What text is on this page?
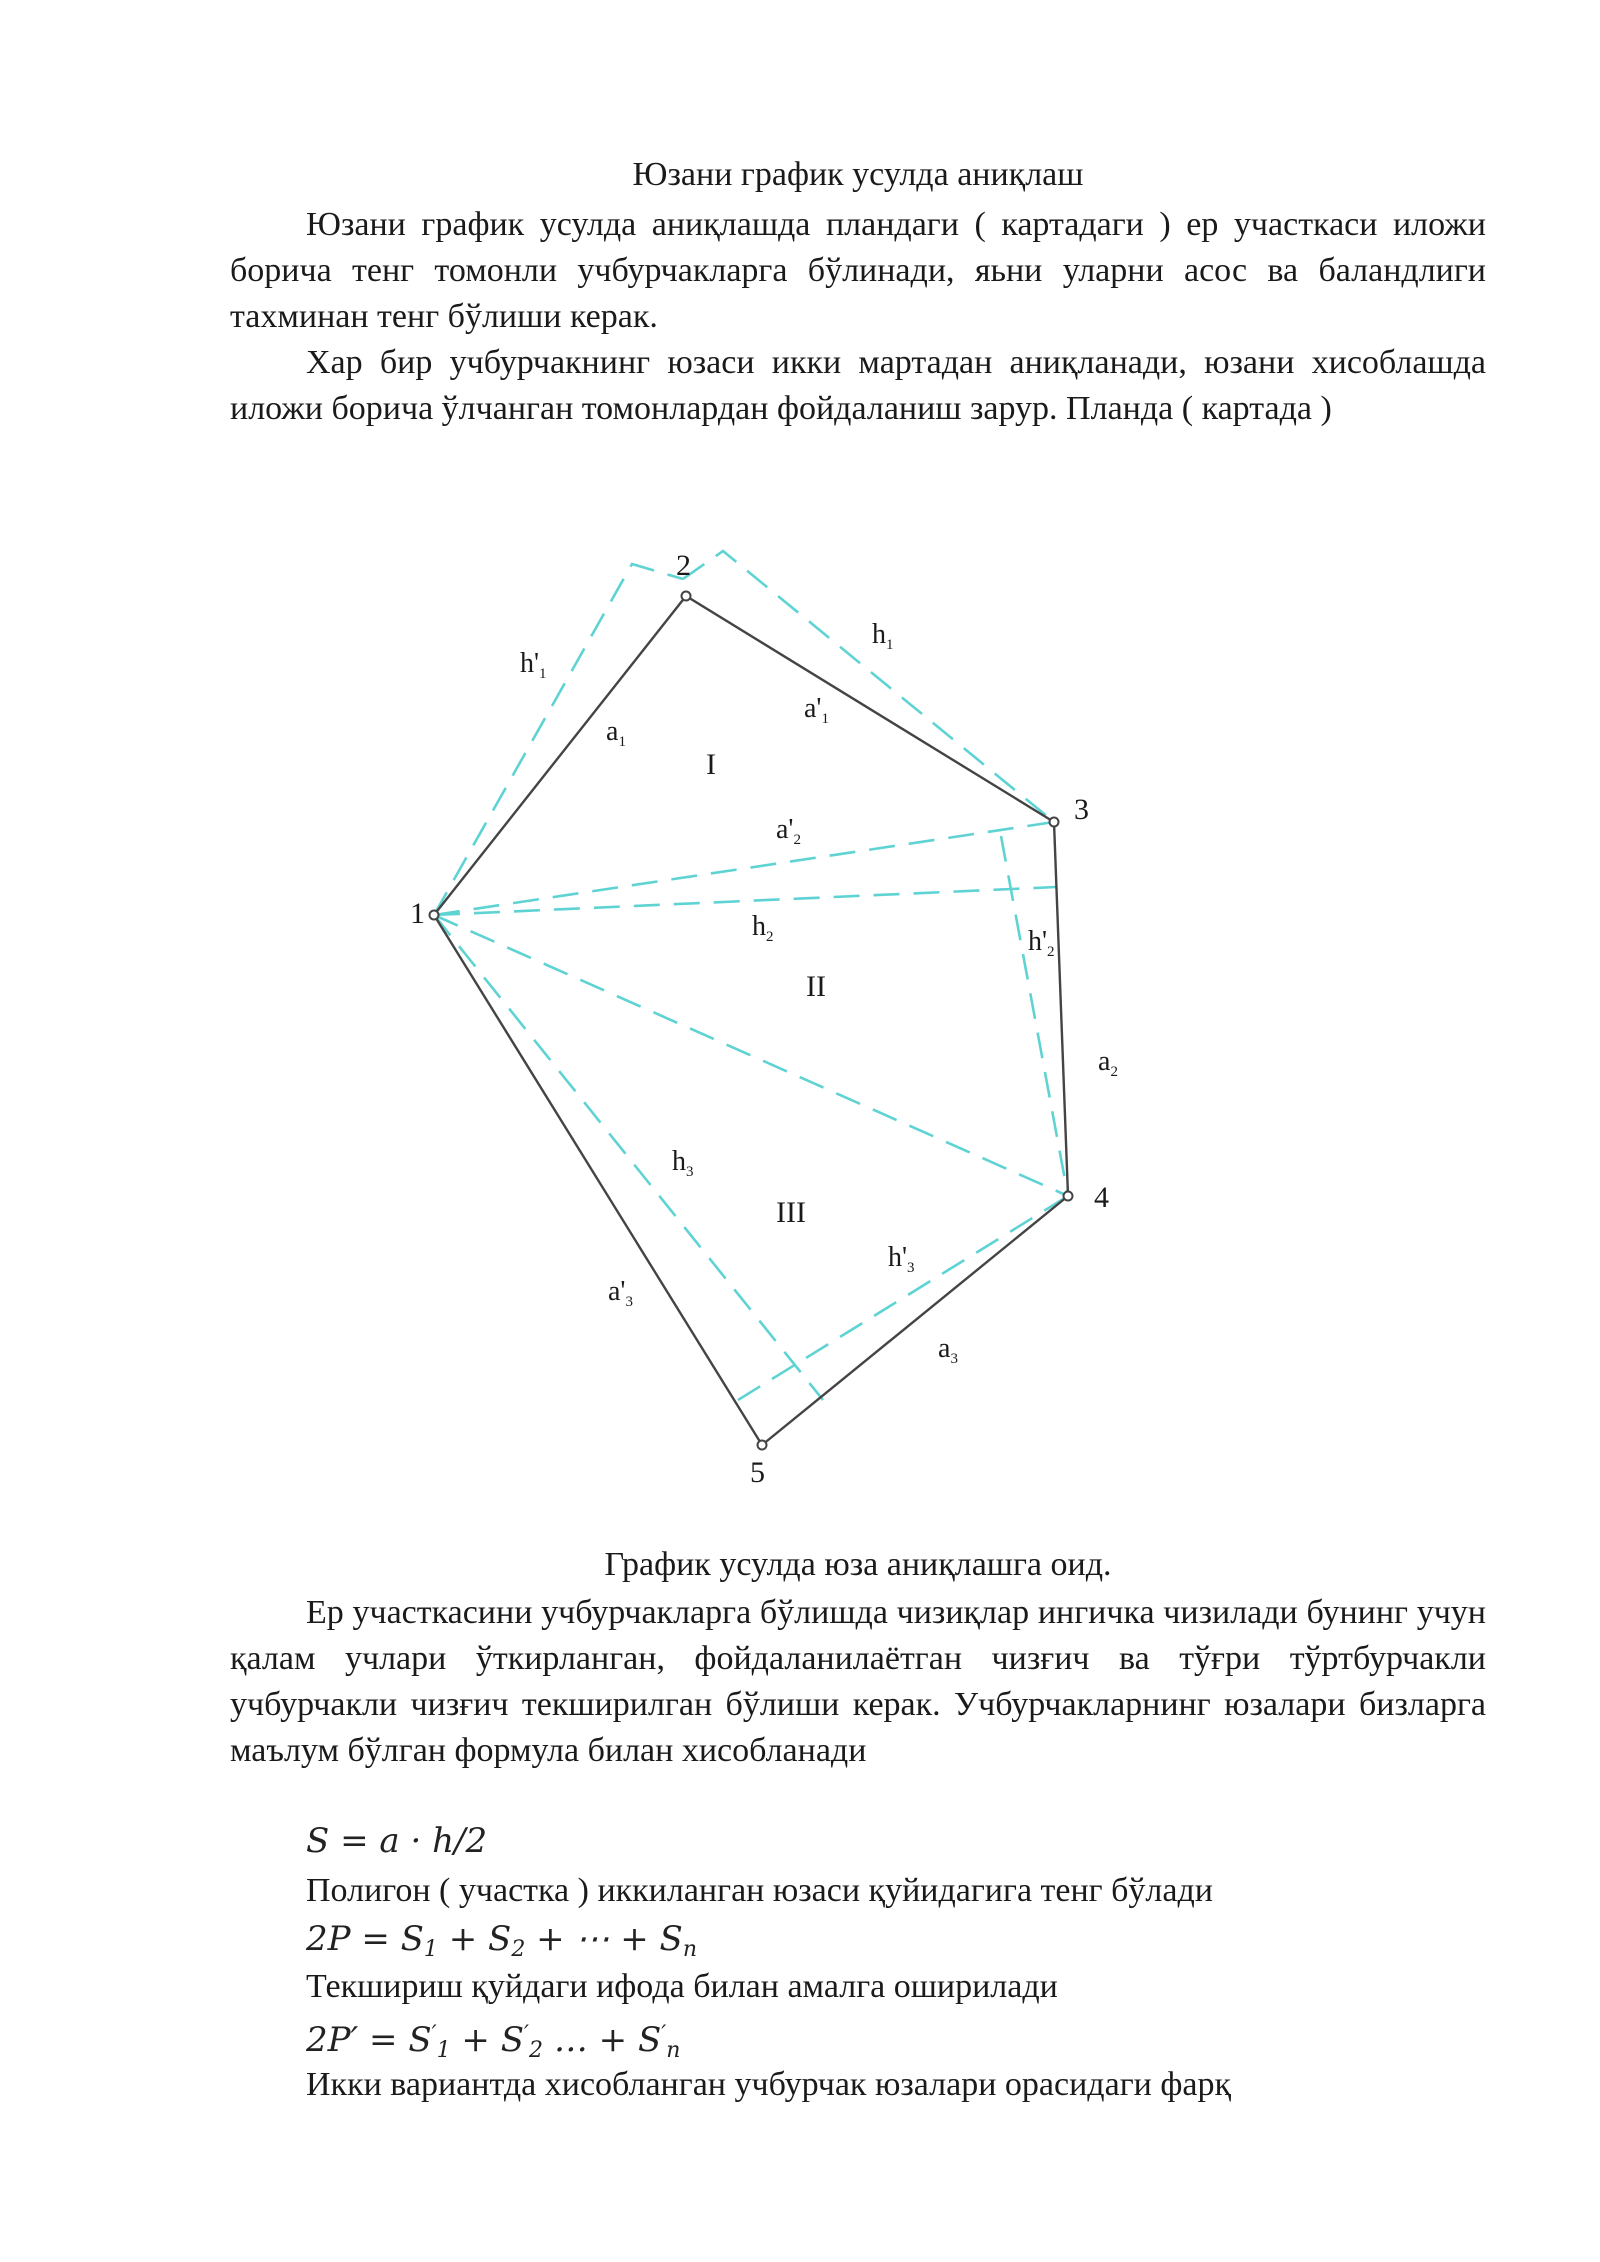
Юзани график усулда аниқлаш
Юзани график усулда аниқлашда пландаги ( картадаги ) ер участкаси иложи борича тенг томонли учбурчакларга бўлинади, яьни уларни асос ва баландлиги тахминан тенг бўлиши керак.
Хар бир учбурчакнинг юзаси икки мартадан аниқланади, юзани хисоблашда иложи борича ўлчанган томонлардан фойдаланиш зарур. Планда ( картада )
1
2
3
4
5
$a_1$
$a'_1$
$a'_2$
$a_2$
$a_3$
$a'_3$
$h'_1$
$h_1$
$h_2$	$h'_2$
$h_3$
$h'_3$
I
II
III
График усулда юза аниқлашга оид.
Ер участкасини учбурчакларга бўлишда чизиқлар ингичка чизилади бунинг учун қалам учлари ўткирланган, фойдаланилаётган чизғич ва тўғри тўртбурчакли учбурчакли чизғич текширилган бўлиши керак. Учбурчакларнинг юзалари бизларга маълум бўлган формула билан хисобланади
S = a · h/2
Полигон ( участка ) иккиланган юзаси қуйидагига тенг бўлади
$2P = S_1 + S_2$ + ⋯ + $S_n$
Текшириш қуйдаги ифода билан амалга оширилади
$2P' = S'_1 + S'_2$ … + $S'_n$
Икки вариантда хисобланган учбурчак юзалари орасидаги фарқ
